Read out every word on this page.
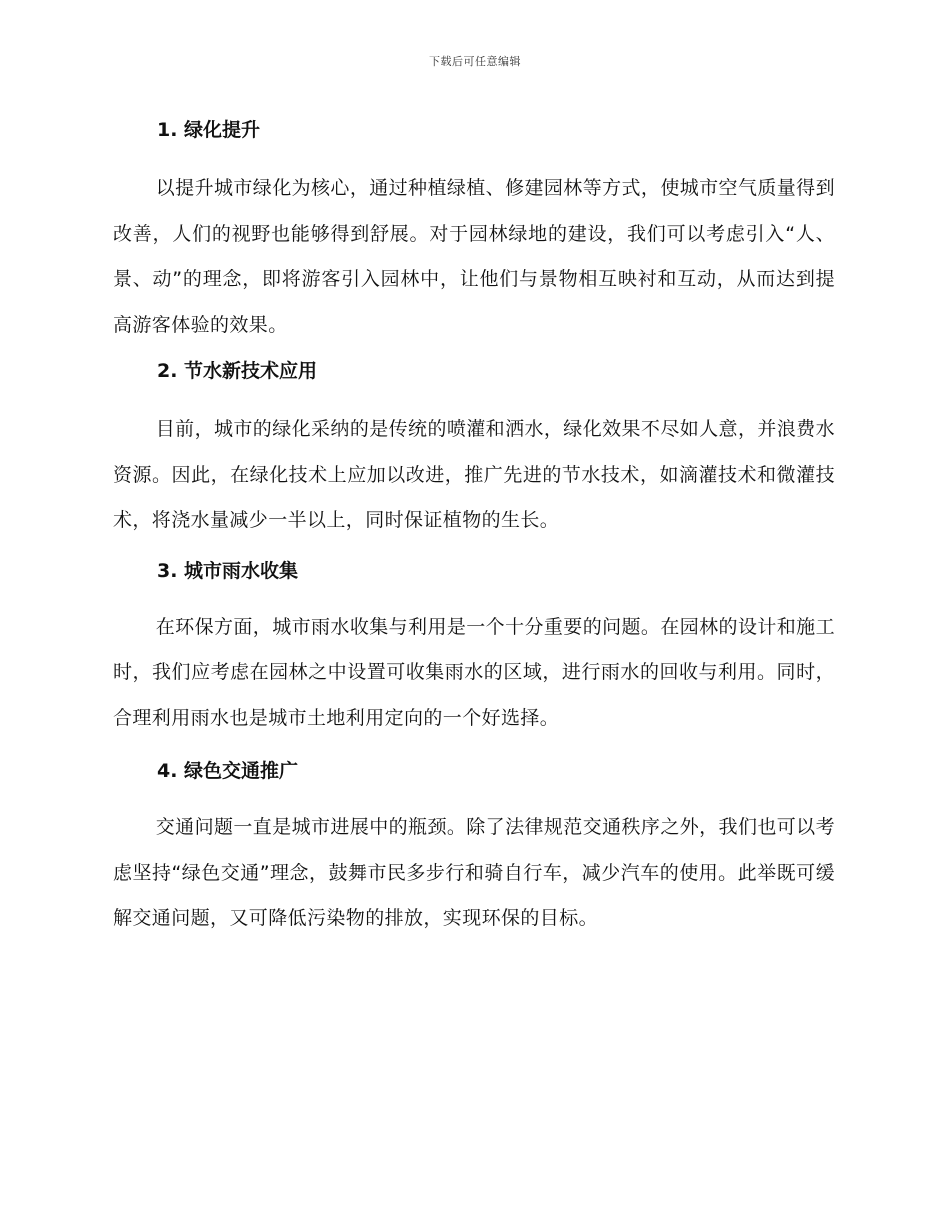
下载后可任意编辑
1. 绿化提升

以提升城市绿化为核心，通过种植绿植、修建园林等方式，使城市空气质量得到改善，人们的视野也能够得到舒展。对于园林绿地的建设，我们可以考虑引入“人、景、动”的理念，即将游客引入园林中，让他们与景物相互映衬和互动，从而达到提高游客体验的效果。

2. 节水新技术应用

目前，城市的绿化采纳的是传统的喷灌和洒水，绿化效果不尽如人意，并浪费水资源。因此，在绿化技术上应加以改进，推广先进的节水技术，如滴灌技术和微灌技术，将浇水量减少一半以上，同时保证植物的生长。

3. 城市雨水收集

在环保方面，城市雨水收集与利用是一个十分重要的问题。在园林的设计和施工时，我们应考虑在园林之中设置可收集雨水的区域，进行雨水的回收与利用。同时，合理利用雨水也是城市土地利用定向的一个好选择。

4. 绿色交通推广

交通问题一直是城市进展中的瓶颈。除了法律规范交通秩序之外，我们也可以考虑坚持“绿色交通”理念，鼓舞市民多步行和骑自行车，减少汽车的使用。此举既可缓解交通问题，又可降低污染物的排放，实现环保的目标。
